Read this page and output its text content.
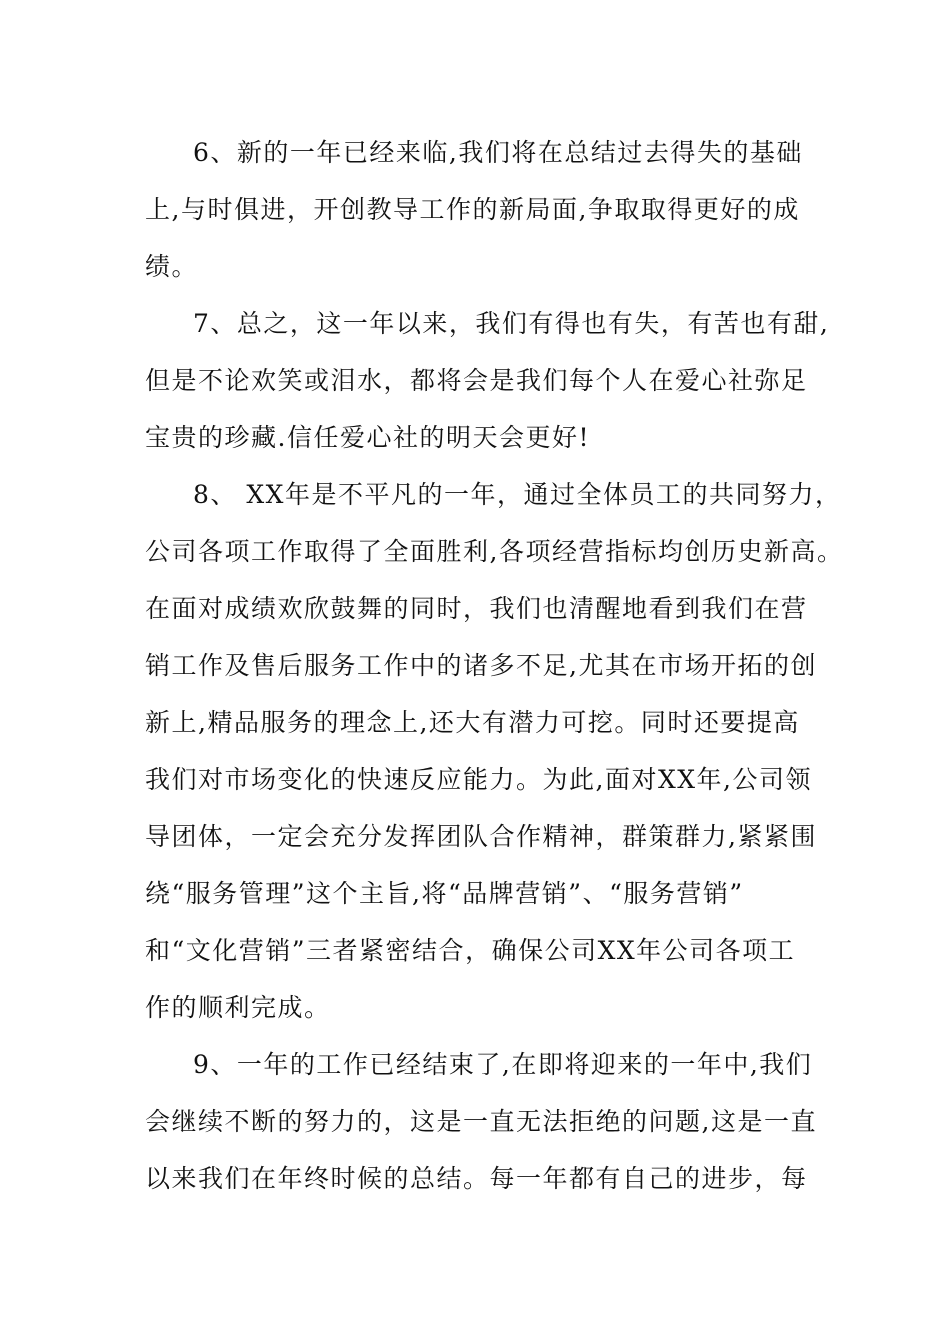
6、新的一年已经来临,我们将在总结过去得失的基础
上,与时俱进，开创教导工作的新局面,争取取得更好的成
绩。
7、总之，这一年以来，我们有得也有失，有苦也有甜,
但是不论欢笑或泪水，都将会是我们每个人在爱心社弥足
宝贵的珍藏.信任爱心社的明天会更好!
8、 XX年是不平凡的一年，通过全体员工的共同努力，
公司各项工作取得了全面胜利,各项经营指标均创历史新高。
在面对成绩欢欣鼓舞的同时，我们也清醒地看到我们在营
销工作及售后服务工作中的诸多不足,尤其在市场开拓的创
新上,精品服务的理念上,还大有潜力可挖。同时还要提高
我们对市场变化的快速反应能力。为此,面对XX年,公司领
导团体，一定会充分发挥团队合作精神，群策群力,紧紧围
绕“服务管理”这个主旨,将“品牌营销”、“服务营销”
和“文化营销”三者紧密结合，确保公司XX年公司各项工
作的顺利完成。
9、一年的工作已经结束了,在即将迎来的一年中,我们
会继续不断的努力的，这是一直无法拒绝的问题,这是一直
以来我们在年终时候的总结。每一年都有自己的进步，每
